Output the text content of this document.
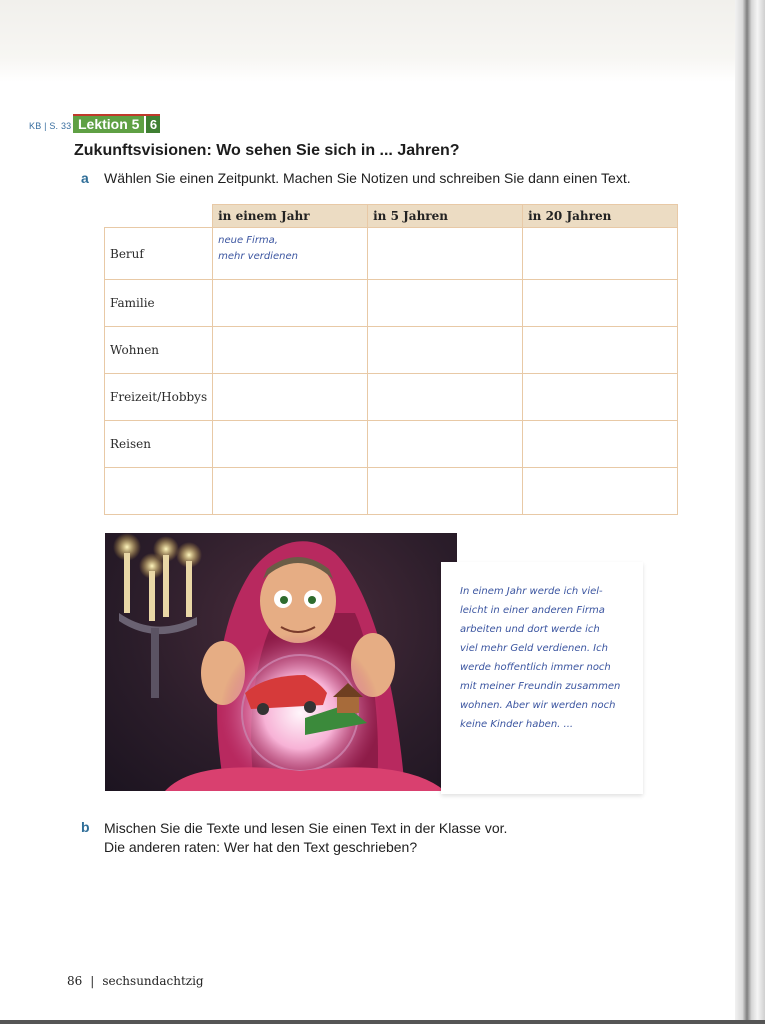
KB | S. 33 Lektion 5 6
Zukunftsvisionen: Wo sehen Sie sich in ... Jahren?
a Wählen Sie einen Zeitpunkt. Machen Sie Notizen und schreiben Sie dann einen Text.
	in einem Jahr	in 5 Jahren	in 20 Jahren
Beruf	neue Firma,
mehr verdienen		
Familie			
Wohnen			
Freizeit/Hobbys			
Reisen			

In einem Jahr werde ich viel-
leicht in einer anderen Firma
arbeiten und dort werde ich
viel mehr Geld verdienen. Ich
werde hoffentlich immer noch
mit meiner Freundin zusammen
wohnen. Aber wir werden noch
keine Kinder haben. ...
b Mischen Sie die Texte und lesen Sie einen Text in der Klasse vor.
Die anderen raten: Wer hat den Text geschrieben?
86 | sechsundachtzig
